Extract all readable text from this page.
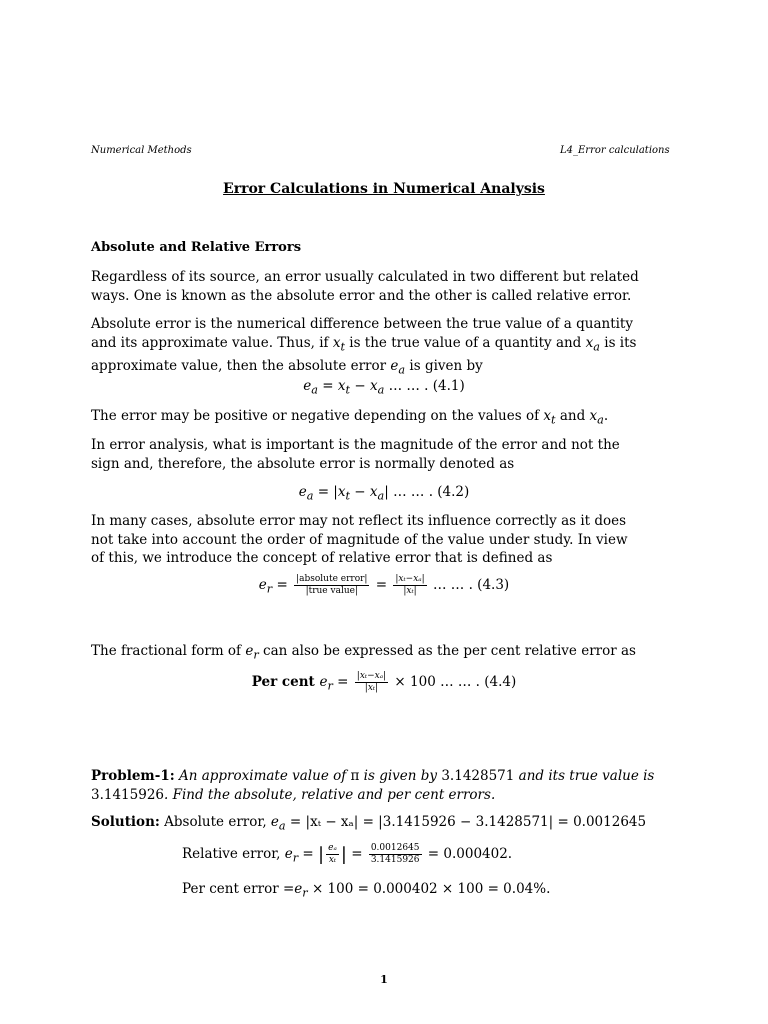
Numerical Methods	L4_Error calculations
Error Calculations in Numerical Analysis
Absolute and Relative Errors
Regardless of its source, an error usually calculated in two different but related
ways. One is known as the absolute error and the other is called relative error.
Absolute error is the numerical difference between the true value of a quantity
and its approximate value. Thus, if $x_t$ is the true value of a quantity and $x_a$ is its
approximate value, then the absolute error $e_a$ is given by
$e_a = x_t - x_a$ … … . (4.1)
The error may be positive or negative depending on the values of $x_t$ and $x_a$.
In error analysis, what is important is the magnitude of the error and not the
sign and, therefore, the absolute error is normally denoted as
$e_a = |x_t - x_a|$ … … . (4.2)
In many cases, absolute error may not reflect its influence correctly as it does
not take into account the order of magnitude of the value under study. In view
of this, we introduce the concept of relative error that is defined as
$e_r = \frac{\text{|absolute error|}}{\text{|true value|}} = \frac{\text{|xₜ−xₐ|}}{\text{|xₜ|}}$ … … . (4.3)
The fractional form of $e_r$ can also be expressed as the per cent relative error as
Per cent $e_r = \frac{\text{|xₜ−xₐ|}}{\text{|xₜ|}} \times 100$ … … . (4.4)
Problem-1: An approximate value of π is given by 3.1428571 and its true value is
3.1415926. Find the absolute, relative and per cent errors.
Solution: Absolute error, $e_a = |x_t - x_a| = |3.1415926 - 3.1428571| = 0.0012645$
Relative error, $e_r$ = | $\frac{\text{eₐ}}{\text{xₜ}}$ | = $\frac{0.0012645}{3.1415926} = 0.000402$.
Per cent error $=e_r \times 100 = 0.000402 \times 100 = 0.04\%$.
1
